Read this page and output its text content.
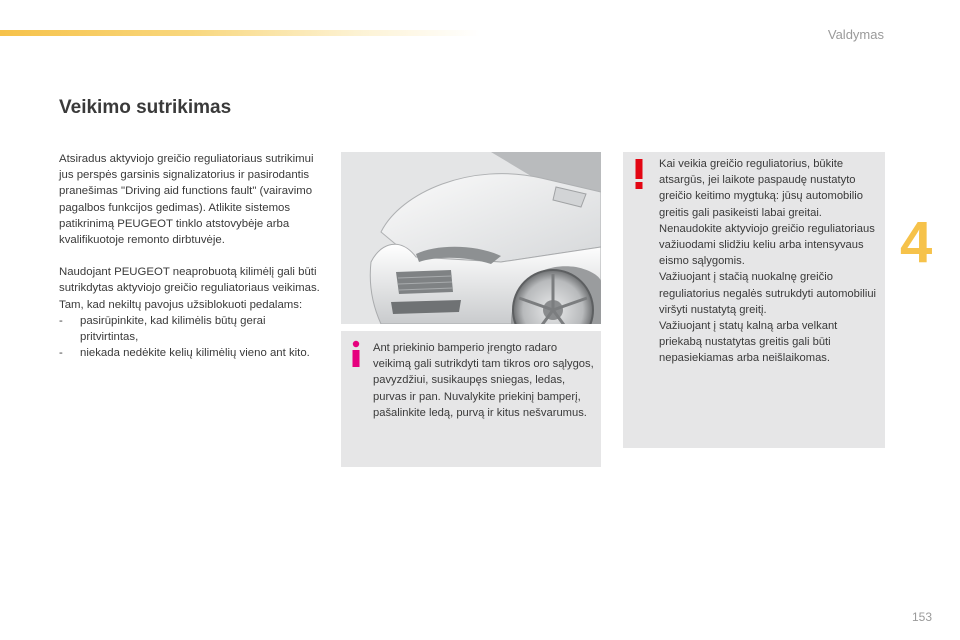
Valdymas
4
Veikimo sutrikimas

Atsiradus aktyviojo greičio reguliatoriaus sutrikimui jus perspės garsinis signalizatorius ir pasirodantis pranešimas "Driving aid functions fault" (vairavimo pagalbos funkcijos gedimas). Atlikite sistemos patikrinimą PEUGEOT tinklo atstovybėje arba kvalifikuotoje remonto dirbtuvėje.

Naudojant PEUGEOT neaprobuotą kilimėlį gali būti sutrikdytas aktyviojo greičio reguliatoriaus veikimas.

Tam, kad nekiltų pavojus užsiblokuoti pedalams:

- pasirūpinkite, kad kilimėlis būtų gerai pritvirtintas,
- niekada nedėkite kelių kilimėlių vieno ant kito.	Ant priekinio bamperio įrengto radaro veikimą gali sutrikdyti tam tikros oro sąlygos, pavyzdžiui, susikaupęs sniegas, ledas, purvas ir pan. Nuvalykite priekinį bamperį, pašalinkite ledą, purvą ir kitus nešvarumus.

Kai veikia greičio reguliatorius, būkite atsargūs, jei laikote paspaudę nustatyto greičio keitimo mygtuką: jūsų automobilio greitis gali pasikeisti labai greitai.

Nenaudokite aktyviojo greičio reguliatoriaus važiuodami slidžiu keliu arba intensyvaus eismo sąlygomis.

Važiuojant į stačią nuokalnę greičio reguliatorius negalės sutrukdyti automobiliui viršyti nustatytą greitį.

Važiuojant į statų kalną arba velkant priekabą nustatytas greitis gali būti nepasiekiamas arba neišlaikomas.

153
